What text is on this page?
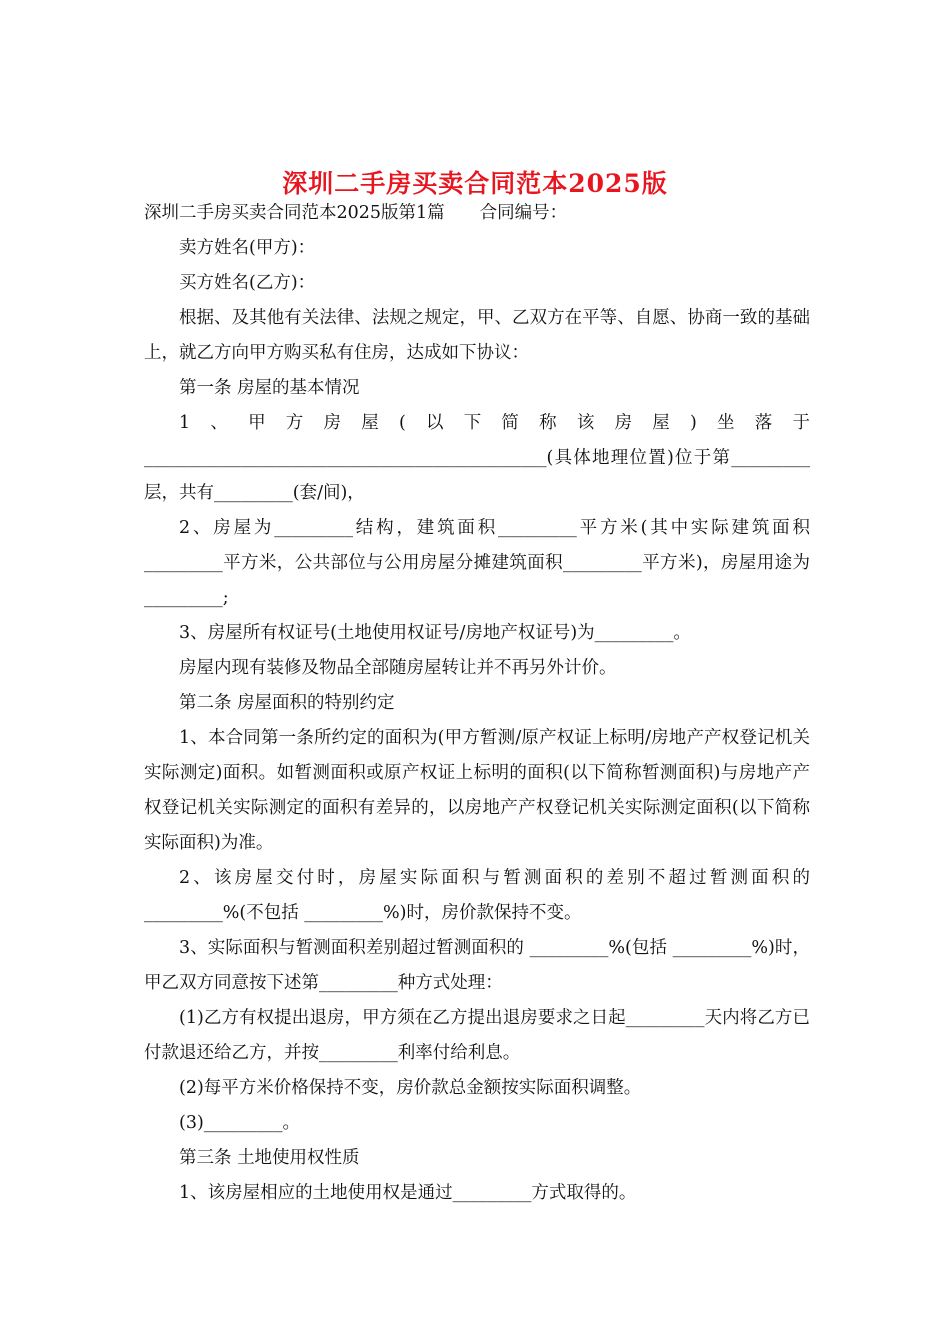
深圳二手房买卖合同范本2025版

深圳二手房买卖合同范本2025版第1篇　　合同编号：

卖方姓名(甲方)：

买方姓名(乙方)：

根据、及其他有关法律、法规之规定，甲、乙双方在平等、自愿、协商一致的基础上，就乙方向甲方购买私有住房，达成如下协议：

第一条 房屋的基本情况

1、甲方房屋(以下简称该房屋)坐落于______________________________________________(具体地理位置)位于第_________层，共有_________(套/间)，

2、房屋为_________结构，建筑面积_________平方米(其中实际建筑面积_________平方米，公共部位与公用房屋分摊建筑面积_________平方米)，房屋用途为_________;

3、房屋所有权证号(土地使用权证号/房地产权证号)为_________。

房屋内现有装修及物品全部随房屋转让并不再另外计价。

第二条 房屋面积的特别约定

1、本合同第一条所约定的面积为(甲方暂测/原产权证上标明/房地产产权登记机关实际测定)面积。如暂测面积或原产权证上标明的面积(以下简称暂测面积)与房地产产权登记机关实际测定的面积有差异的，以房地产产权登记机关实际测定面积(以下简称实际面积)为准。

2、该房屋交付时，房屋实际面积与暂测面积的差别不超过暂测面积的 _________%(不包括 _________%)时，房价款保持不变。

3、实际面积与暂测面积差别超过暂测面积的 _________%(包括 _________%)时，甲乙双方同意按下述第_________种方式处理：

(1)乙方有权提出退房，甲方须在乙方提出退房要求之日起_________天内将乙方已付款退还给乙方，并按_________利率付给利息。

(2)每平方米价格保持不变，房价款总金额按实际面积调整。

(3)_________。

第三条 土地使用权性质

1、该房屋相应的土地使用权是通过_________方式取得的。
